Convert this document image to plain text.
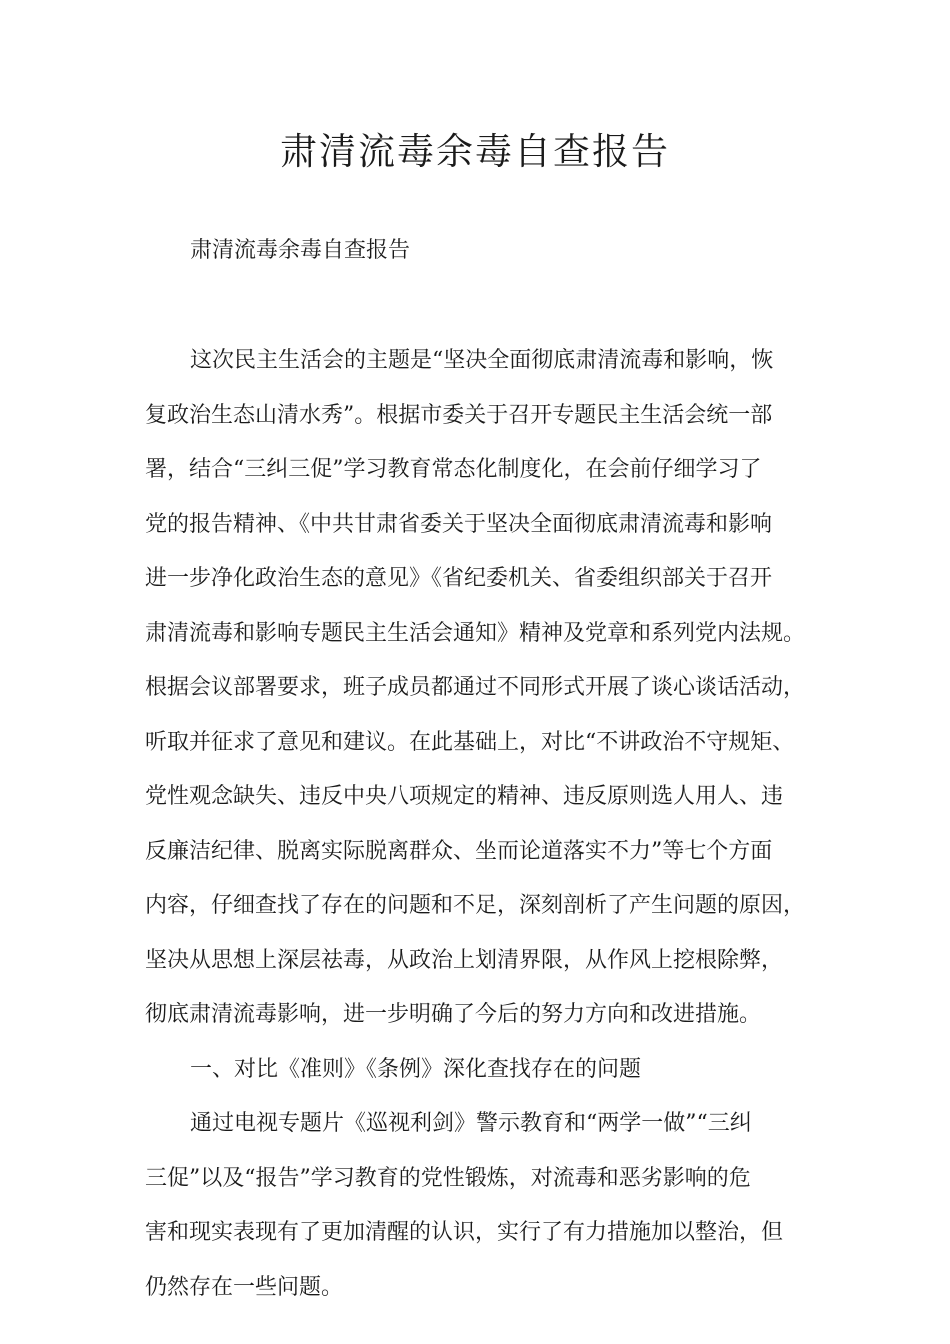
肃清流毒余毒自查报告
肃清流毒余毒自查报告
这次民主生活会的主题是“坚决全面彻底肃清流毒和影响，恢
复政治生态山清水秀”。根据市委关于召开专题民主生活会统一部
署，结合“三纠三促”学习教育常态化制度化，在会前仔细学习了
党的报告精神、《中共甘肃省委关于坚决全面彻底肃清流毒和影响
进一步净化政治生态的意见》《省纪委机关、省委组织部关于召开
肃清流毒和影响专题民主生活会通知》精神及党章和系列党内法规。
根据会议部署要求，班子成员都通过不同形式开展了谈心谈话活动，
听取并征求了意见和建议。在此基础上，对比“不讲政治不守规矩、
党性观念缺失、违反中央八项规定的精神、违反原则选人用人、违
反廉洁纪律、脱离实际脱离群众、坐而论道落实不力”等七个方面
内容，仔细查找了存在的问题和不足，深刻剖析了产生问题的原因，
坚决从思想上深层祛毒，从政治上划清界限，从作风上挖根除弊，
彻底肃清流毒影响，进一步明确了今后的努力方向和改进措施。
一、对比《准则》《条例》深化查找存在的问题
通过电视专题片《巡视利剑》警示教育和“两学一做”“三纠
三促”以及“报告”学习教育的党性锻炼，对流毒和恶劣影响的危
害和现实表现有了更加清醒的认识，实行了有力措施加以整治，但
仍然存在一些问题。
